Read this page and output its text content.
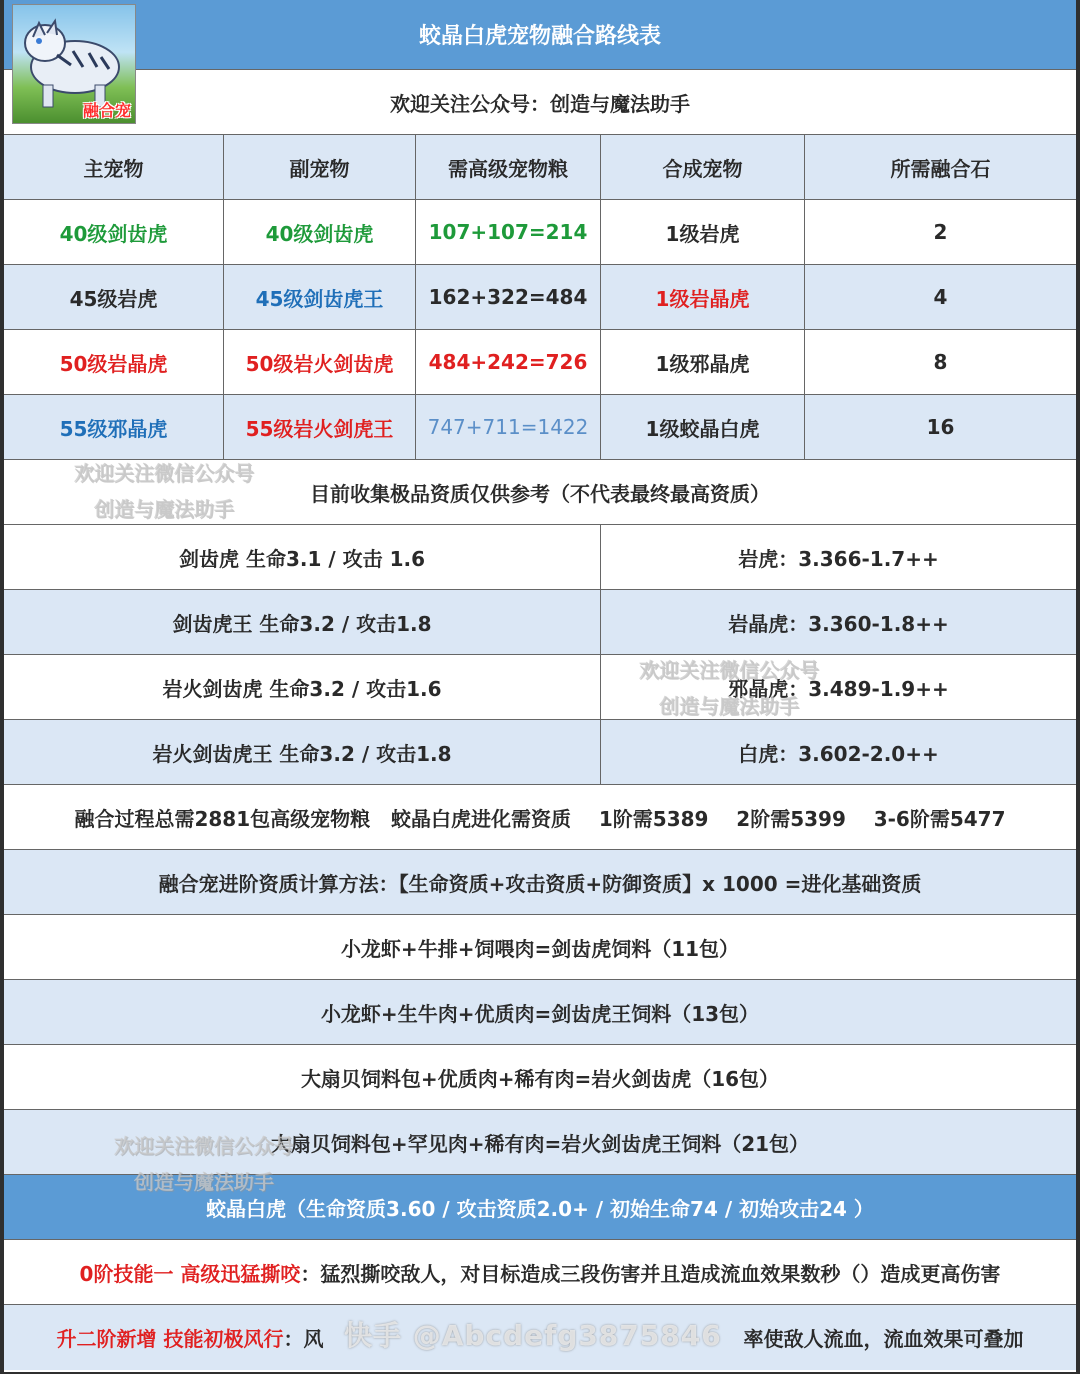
融合宠
蛟晶白虎宠物融合路线表
欢迎关注公众号：创造与魔法助手
主宠物	副宠物	需高级宠物粮	合成宠物	所需融合石
40级剑齿虎	40级剑齿虎	107+107=214	1级岩虎	2
45级岩虎	45级剑齿虎王	162+322=484	1级岩晶虎	4
50级岩晶虎	50级岩火剑齿虎	484+242=726	1级邪晶虎	8
55级邪晶虎	55级岩火剑虎王	747+711=1422	1级蛟晶白虎	16
目前收集极品资质仅供参考（不代表最终最高资质）
剑齿虎 生命3.1 / 攻击 1.6	岩虎：3.366-1.7++
剑齿虎王 生命3.2 / 攻击1.8	岩晶虎：3.360-1.8++
岩火剑齿虎 生命3.2 / 攻击1.6	邪晶虎：3.489-1.9++
岩火剑齿虎王 生命3.2 / 攻击1.8	白虎：3.602-2.0++
融合过程总需2881包高级宠物粮   蛟晶白虎进化需资质    1阶需5389    2阶需5399    3-6阶需5477
融合宠进阶资质计算方法：【生命资质+攻击资质+防御资质】x 1000 =进化基础资质
小龙虾+牛排+饲喂肉=剑齿虎饲料（11包）
小龙虾+生牛肉+优质肉=剑齿虎王饲料（13包）
大扇贝饲料包+优质肉+稀有肉=岩火剑齿虎（16包）
大扇贝饲料包+罕见肉+稀有肉=岩火剑齿虎王饲料（21包）
蛟晶白虎（生命资质3.60 / 攻击资质2.0+ / 初始生命74 / 初始攻击24 ）
0阶技能一 高级迅猛撕咬 ：猛烈撕咬敌人，对目标造成三段伤害并且造成流血效果数秒（）造成更高伤害
升二阶新增 技能初极风行 ：风	率使敌人流血，流血效果可叠加
欢迎关注微信公众号
创造与魔法助手
欢迎关注微信公众号
创造与魔法助手
欢迎关注微信公众号
创造与魔法助手
快手 @Abcdefg3875846
